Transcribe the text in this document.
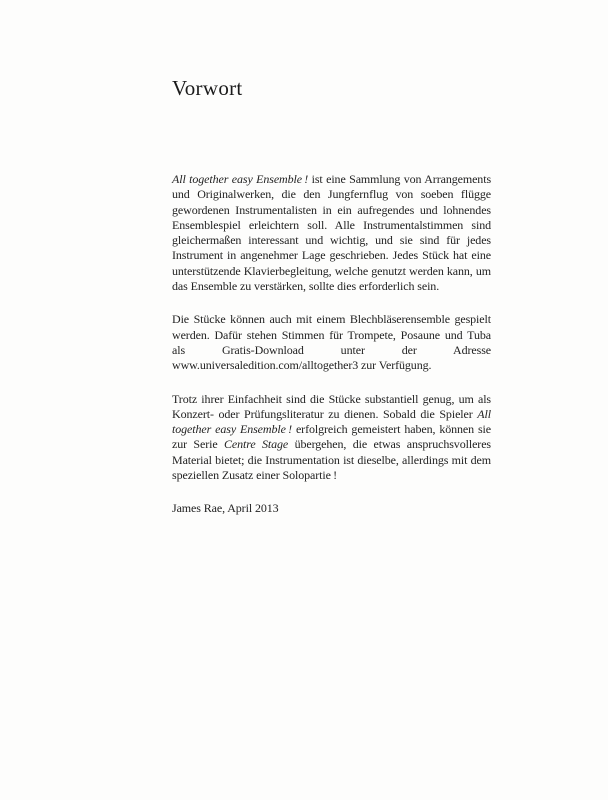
Vorwort

All together easy Ensemble ! ist eine Sammlung von Arrangements und Originalwerken, die den Jungfernflug von soeben flügge gewordenen Instrumentalisten in ein aufregendes und lohnendes Ensemblespiel erleichtern soll. Alle Instrumentalstimmen sind gleichermaßen interessant und wichtig, und sie sind für jedes Instrument in angenehmer Lage geschrieben. Jedes Stück hat eine unterstützende Klavierbegleitung, welche genutzt werden kann, um das Ensemble zu verstärken, sollte dies erforderlich sein.

Die Stücke können auch mit einem Blechbläserensemble gespielt werden. Dafür stehen Stimmen für Trompete, Posaune und Tuba als Gratis-Download unter der Adresse www.universaledition.com/alltogether3 zur Verfügung.

Trotz ihrer Einfachheit sind die Stücke substantiell genug, um als Konzert- oder Prüfungsliteratur zu dienen. Sobald die Spieler All together easy Ensemble ! erfolgreich gemeistert haben, können sie zur Serie Centre Stage übergehen, die etwas anspruchsvolleres Material bietet; die Instrumentation ist dieselbe, allerdings mit dem speziellen Zusatz einer Solopartie !

James Rae, April 2013
